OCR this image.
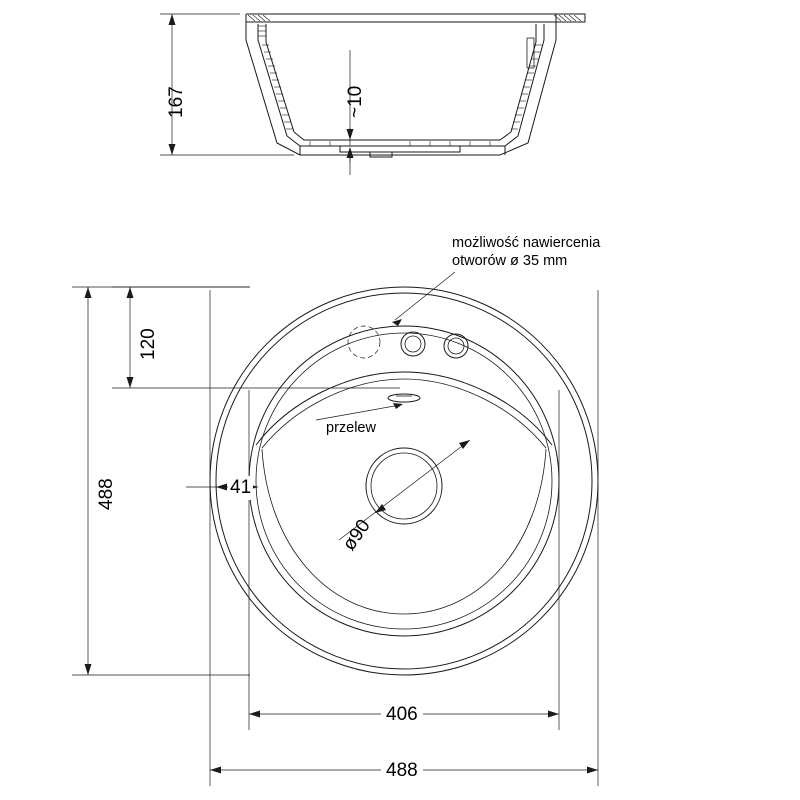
167	~10
możliwość nawiercenia
otworów ø 35 mm
przelew
488
120
41
406
488
ø90
